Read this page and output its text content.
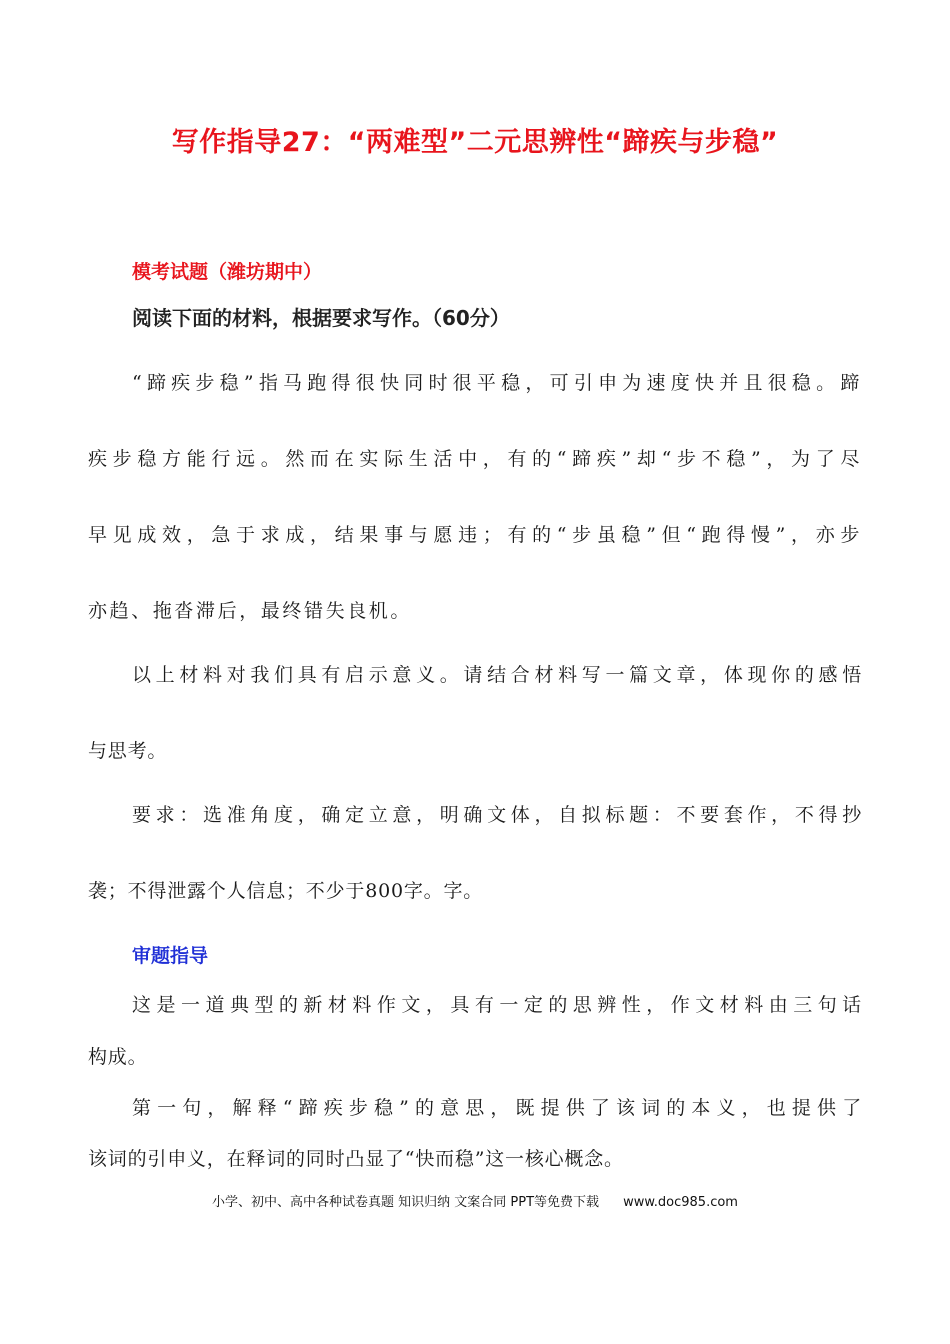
写作指导27：“两难型”二元思辨性“蹄疾与步稳”
模考试题（潍坊期中）
阅读下面的材料，根据要求写作。（60分）
“蹄疾步稳”指马跑得很快同时很平稳，可引申为速度快并且很稳。蹄
疾步稳方能行远。然而在实际生活中，有的“蹄疾”却“步不稳”，为了尽
早见成效，急于求成，结果事与愿违；有的“步虽稳”但“跑得慢”，亦步
亦趋、拖沓滞后，最终错失良机。
以上材料对我们具有启示意义。请结合材料写一篇文章，体现你的感悟
与思考。
要求：选准角度，确定立意，明确文体，自拟标题：不要套作，不得抄
袭；不得泄露个人信息；不少于800字。字。
审题指导
这是一道典型的新材料作文，具有一定的思辨性，作文材料由三句话
构成。
第一句，解释“蹄疾步稳”的意思，既提供了该词的本义，也提供了
该词的引申义，在释词的同时凸显了“快而稳”这一核心概念。
小学、初中、高中各种试卷真题 知识归纳 文案合同 PPT等免费下载 www.doc985.com
